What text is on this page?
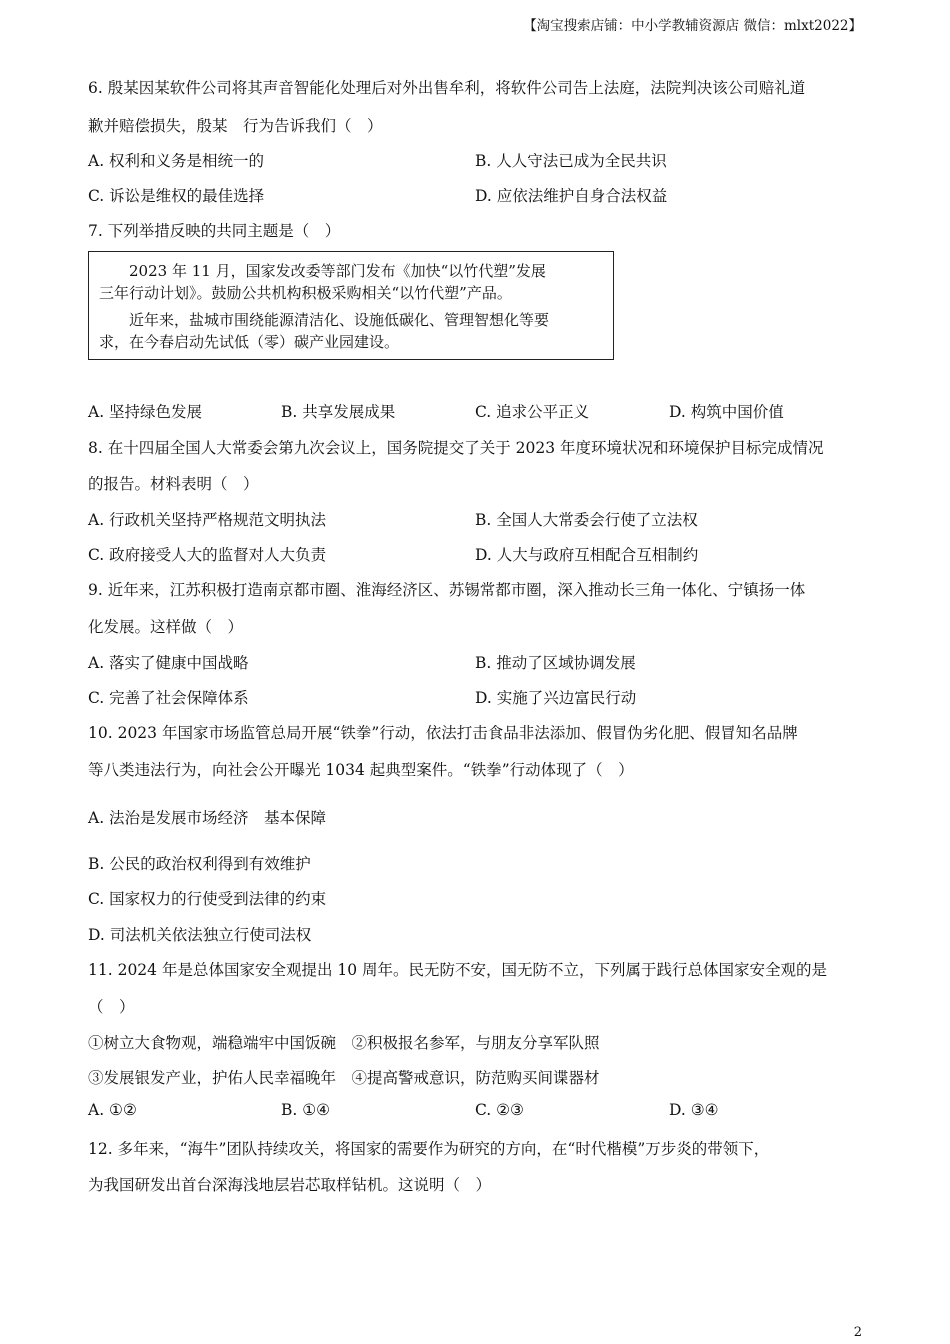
【淘宝搜索店铺：中小学教辅资源店 微信：mlxt2022】
6. 殷某因某软件公司将其声音智能化处理后对外出售牟利，将软件公司告上法庭，法院判决该公司赔礼道
歉并赔偿损失，殷某　行为告诉我们（　）
A. 权利和义务是相统一的	B. 人人守法已成为全民共识
C. 诉讼是维权的最佳选择	D. 应依法维护自身合法权益
7. 下列举措反映的共同主题是（　）
　　2023 年 11 月，国家发改委等部门发布《加快“以竹代塑”发展
三年行动计划》。鼓励公共机构积极采购相关“以竹代塑”产品。
　　近年来，盐城市围绕能源清洁化、设施低碳化、管理智想化等要
求，在今春启动先试低（零）碳产业园建设。
A. 坚持绿色发展	B. 共享发展成果	C. 追求公平正义	D. 构筑中国价值
8. 在十四届全国人大常委会第九次会议上，国务院提交了关于 2023 年度环境状况和环境保护目标完成情况
的报告。材料表明（　）
A. 行政机关坚持严格规范文明执法	B. 全国人大常委会行使了立法权
C. 政府接受人大的监督对人大负责	D. 人大与政府互相配合互相制约
9. 近年来，江苏积极打造南京都市圈、淮海经济区、苏锡常都市圈，深入推动长三角一体化、宁镇扬一体
化发展。这样做（　）
A. 落实了健康中国战略	B. 推动了区域协调发展
C. 完善了社会保障体系	D. 实施了兴边富民行动
10. 2023 年国家市场监管总局开展“铁拳”行动，依法打击食品非法添加、假冒伪劣化肥、假冒知名品牌
等八类违法行为，向社会公开曝光 1034 起典型案件。“铁拳”行动体现了（　）
A. 法治是发展市场经济　基本保障
B. 公民的政治权利得到有效维护
C. 国家权力的行使受到法律的约束
D. 司法机关依法独立行使司法权
11. 2024 年是总体国家安全观提出 10 周年。民无防不安，国无防不立，下列属于践行总体国家安全观的是
（　）
①树立大食物观，端稳端牢中国饭碗　②积极报名参军，与朋友分享军队照
③发展银发产业，护佑人民幸福晚年　④提高警戒意识，防范购买间谍器材
A. ①②	B. ①④	C. ②③	D. ③④
12. 多年来，“海牛”团队持续攻关，将国家的需要作为研究的方向，在“时代楷模”万步炎的带领下，
为我国研发出首台深海浅地层岩芯取样钻机。这说明（　）
2
